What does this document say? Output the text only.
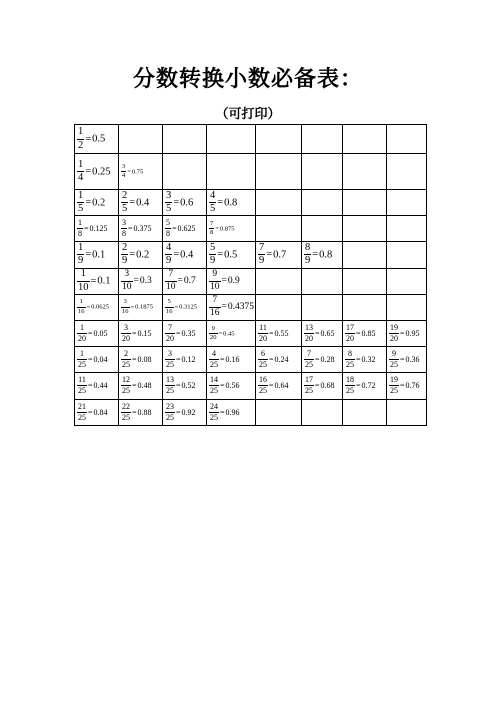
分数转换小数必备表：
（可打印）
$\frac{1}{2} =0.5$							

$\frac{1}{4} =0.25$	$\frac{3}{4} =0.75$						

$\frac{1}{5} =0.2$	$\frac{2}{5} =0.4$	$\frac{3}{5} =0.6$	$\frac{4}{5} =0.8$				

$\frac{1}{8} =0.125$	$\frac{3}{8} =0.375$	$\frac{5}{8} =0.625$	$\frac{7}{8} =0.875$				

$\frac{1}{9} =0.1$	$\frac{2}{9} =0.2$	$\frac{4}{9} =0.4$	$\frac{5}{9} =0.5$	$\frac{7}{9} =0.7$	$\frac{8}{9} =0.8$		

$\frac{1}{10} =0.1$	$\frac{3}{10} =0.3$	$\frac{7}{10} =0.7$	$\frac{9}{10} =0.9$				

$\frac{1}{16} =0.0625$	$\frac{3}{16} =0.1875$	$\frac{5}{16} =0.3125$	$\frac{7}{16} =0.4375$				

$\frac{1}{20} =0.05$	$\frac{3}{20} =0.15$	$\frac{7}{20} =0.35$	$\frac{9}{20} =0.45$	$\frac{11}{20} =0.55$	$\frac{13}{20} =0.65$	$\frac{17}{20} =0.85$	$\frac{19}{20} =0.95$

$\frac{1}{25} =0.04$	$\frac{2}{25} =0.08$	$\frac{3}{25} =0.12$	$\frac{4}{25} =0.16$	$\frac{6}{25} =0.24$	$\frac{7}{25} =0.28$	$\frac{8}{25} =0.32$	$\frac{9}{25} =0.36$

$\frac{11}{25} =0.44$	$\frac{12}{25} =0.48$	$\frac{13}{25} =0.52$	$\frac{14}{25} =0.56$	$\frac{16}{25} =0.64$	$\frac{17}{25} =0.68$	$\frac{18}{25} =0.72$	$\frac{19}{25} =0.76$

$\frac{21}{25} =0.84$	$\frac{22}{25} =0.88$	$\frac{23}{25} =0.92$	$\frac{24}{25} =0.96$				
